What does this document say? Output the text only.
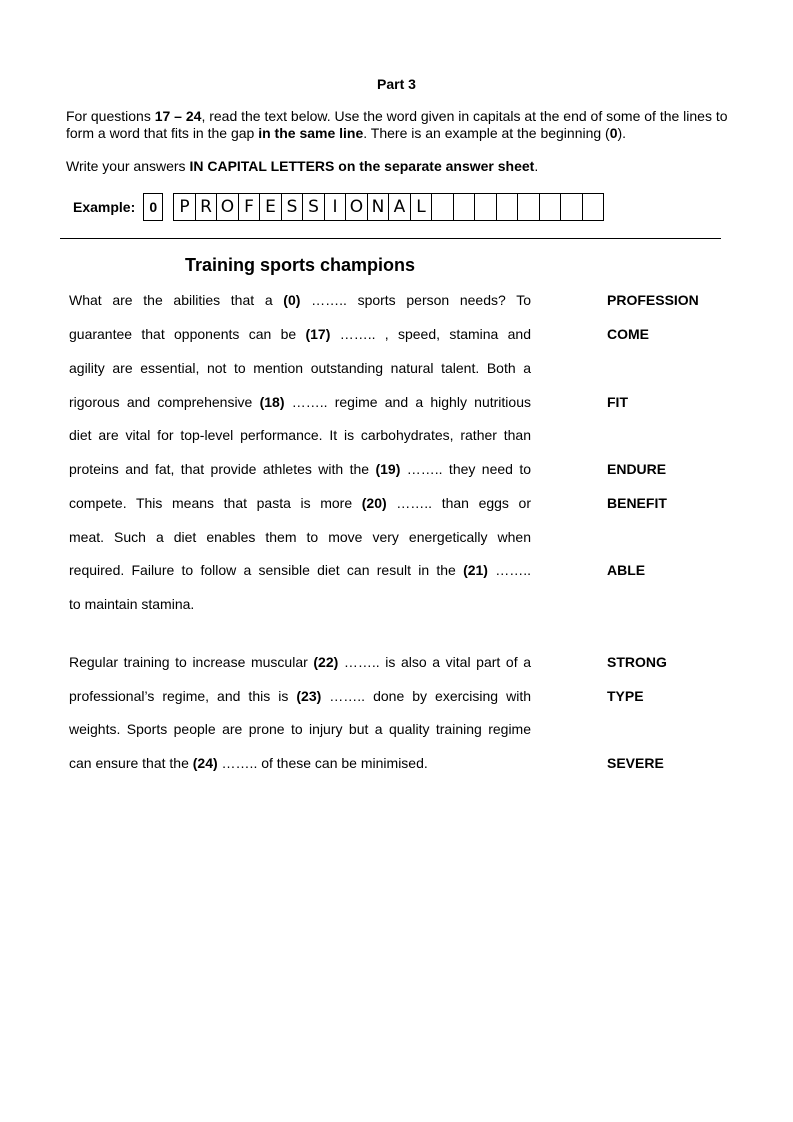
Part 3
For questions 17 – 24, read the text below. Use the word given in capitals at the end of some of the lines to form a word that fits in the gap in the same line. There is an example at the beginning (0).
Write your answers IN CAPITAL LETTERS on the separate answer sheet.
Example:	0	P R O F E S S I O N A L
Training sports champions
What are the abilities that a (0) …….. sports person needs? To	PROFESSION
guarantee that opponents can be (17) …….. , speed, stamina and	COME
agility are essential, not to mention outstanding natural talent. Both a
rigorous and comprehensive (18) …….. regime and a highly nutritious	FIT
diet are vital for top-level performance. It is carbohydrates, rather than
proteins and fat, that provide athletes with the (19) …….. they need to	ENDURE
compete. This means that pasta is more (20) …….. than eggs or	BENEFIT
meat. Such a diet enables them to move very energetically when
required. Failure to follow a sensible diet can result in the (21) ……..	ABLE
to maintain stamina.
Regular training to increase muscular (22) …….. is also a vital part of a	STRONG
professional’s regime, and this is (23) …….. done by exercising with	TYPE
weights. Sports people are prone to injury but a quality training regime
can ensure that the (24) …….. of these can be minimised.	SEVERE
